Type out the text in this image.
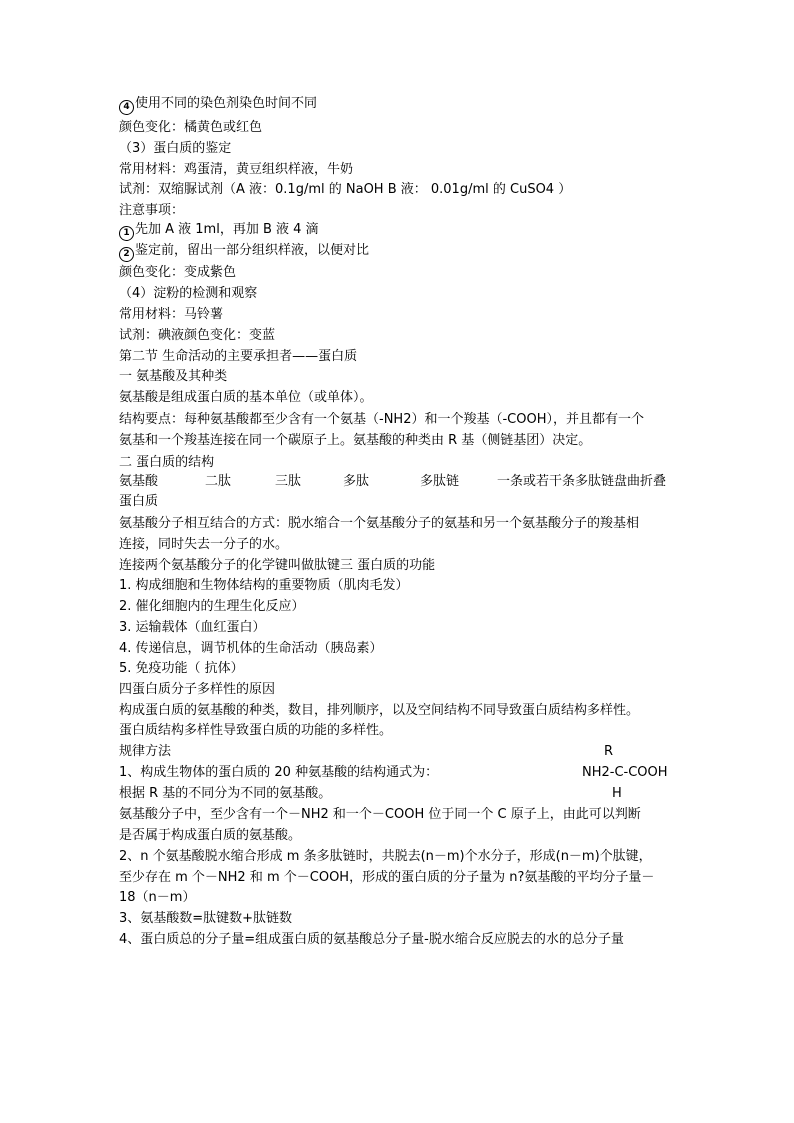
4 使用不同的染色剂染色时间不同
颜色变化：橘黄色或红色
（3）蛋白质的鉴定
常用材料：鸡蛋清，黄豆组织样液，牛奶
试剂：双缩脲试剂（A 液：0.1g/ml 的 NaOH B 液： 0.01g/ml 的 CuSO4 ）
注意事项：
1 先加 A 液 1ml，再加 B 液 4 滴
2 鉴定前，留出一部分组织样液，以便对比
颜色变化：变成紫色
（4）淀粉的检测和观察
常用材料：马铃薯
试剂：碘液颜色变化：变蓝
第二节 生命活动的主要承担者——蛋白质
一 氨基酸及其种类
氨基酸是组成蛋白质的基本单位（或单体）。
结构要点：每种氨基酸都至少含有一个氨基（-NH2）和一个羧基（-COOH），并且都有一个
氨基和一个羧基连接在同一个碳原子上。氨基酸的种类由 R 基（侧链基团）决定。
二 蛋白质的结构
氨基酸	二肽	三肽	多肽	多肽链	一条或若干条多肽链盘曲折叠
蛋白质
氨基酸分子相互结合的方式：脱水缩合一个氨基酸分子的氨基和另一个氨基酸分子的羧基相
连接，同时失去一分子的水。
连接两个氨基酸分子的化学键叫做肽键三 蛋白质的功能
1. 构成细胞和生物体结构的重要物质（肌肉毛发）
2. 催化细胞内的生理生化反应）
3. 运输载体（血红蛋白）
4. 传递信息，调节机体的生命活动（胰岛素）
5. 免疫功能（ 抗体）
四蛋白质分子多样性的原因
构成蛋白质的氨基酸的种类，数目，排列顺序，以及空间结构不同导致蛋白质结构多样性。
蛋白质结构多样性导致蛋白质的功能的多样性。
规律方法
1、构成生物体的蛋白质的 20 种氨基酸的结构通式为：
根据 R 基的不同分为不同的氨基酸。
氨基酸分子中，至少含有一个－NH2 和一个－COOH 位于同一个 C 原子上，由此可以判断
是否属于构成蛋白质的氨基酸。
2、n 个氨基酸脱水缩合形成 m 条多肽链时，共脱去(n－m)个水分子，形成(n－m)个肽键，
至少存在 m 个－NH2 和 m 个－COOH，形成的蛋白质的分子量为 n?氨基酸的平均分子量－
18（n－m）
3、氨基酸数=肽键数+肽链数
4、蛋白质总的分子量=组成蛋白质的氨基酸总分子量-脱水缩合反应脱去的水的总分子量
R
NH2-C-COOH
H
